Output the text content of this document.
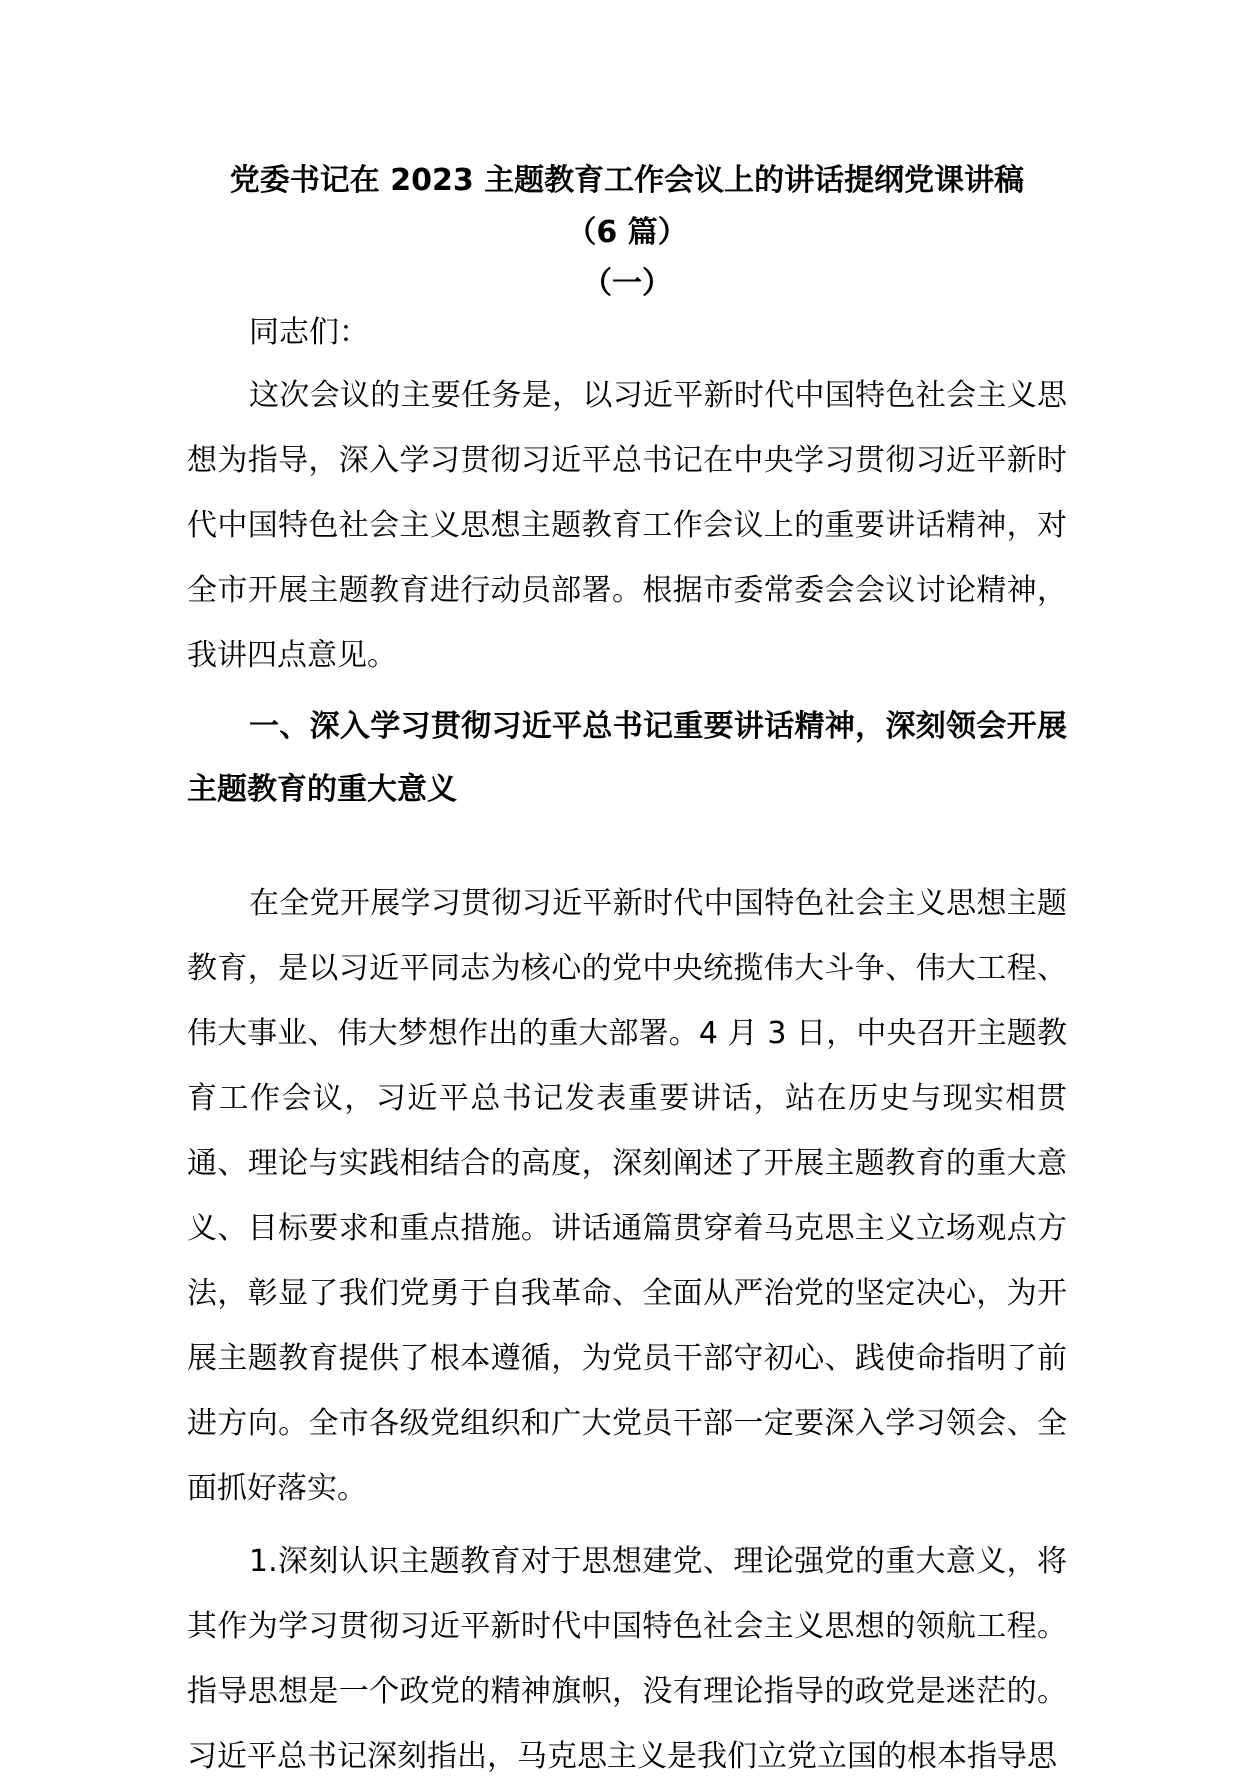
党委书记在 2023 主题教育工作会议上的讲话提纲党课讲稿
（6 篇）
（一）

同志们：

这次会议的主要任务是，以习近平新时代中国特色社会主义思想为指导，深入学习贯彻习近平总书记在中央学习贯彻习近平新时代中国特色社会主义思想主题教育工作会议上的重要讲话精神，对全市开展主题教育进行动员部署。根据市委常委会会议讨论精神，我讲四点意见。

一、深入学习贯彻习近平总书记重要讲话精神，深刻领会开展主题教育的重大意义

在全党开展学习贯彻习近平新时代中国特色社会主义思想主题教育，是以习近平同志为核心的党中央统揽伟大斗争、伟大工程、伟大事业、伟大梦想作出的重大部署。4 月 3 日，中央召开主题教育工作会议，习近平总书记发表重要讲话，站在历史与现实相贯通、理论与实践相结合的高度，深刻阐述了开展主题教育的重大意义、目标要求和重点措施。讲话通篇贯穿着马克思主义立场观点方法，彰显了我们党勇于自我革命、全面从严治党的坚定决心，为开展主题教育提供了根本遵循，为党员干部守初心、践使命指明了前进方向。全市各级党组织和广大党员干部一定要深入学习领会、全面抓好落实。

1.深刻认识主题教育对于思想建党、理论强党的重大意义，将其作为学习贯彻习近平新时代中国特色社会主义思想的领航工程。指导思想是一个政党的精神旗帜，没有理论指导的政党是迷茫的。习近平总书记深刻指出，马克思主义是我们立党立国的根本指导思
